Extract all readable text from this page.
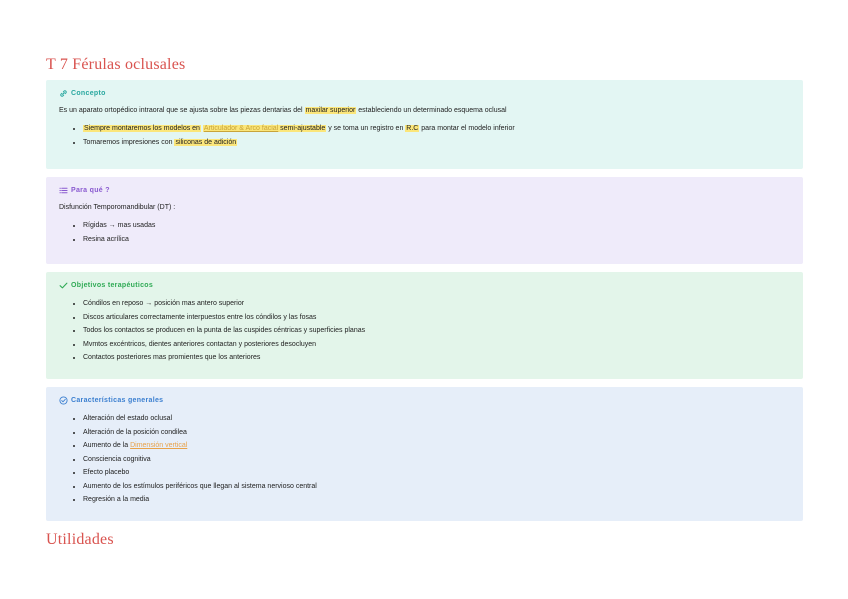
T 7 Férulas oclusales
Concepto
Es un aparato ortopédico intraoral que se ajusta sobre las piezas dentarias del maxilar superior estableciendo un determinado esquema oclusal
• Siempre montaremos los modelos en Articulador & Arco facial semi-ajustable y se toma un registro en R.C para montar el modelo inferior
• Tomaremos impresiones con siliconas de adición
Para qué ?
Disfunción Temporomandibular (DT) :
• Rígidas → mas usadas
• Resina acrílica
Objetivos terapéuticos
• Cóndilos en reposo → posición mas antero superior
• Discos articulares correctamente interpuestos entre los cóndilos y las fosas
• Todos los contactos se producen en la punta de las cuspides céntricas y superficies planas
• Mvmtos excéntricos, dientes anteriores contactan y posteriores desocluyen
• Contactos posteriores mas promientes que los anteriores
Características generales
• Alteración del estado oclusal
• Alteración de la posición condilea
• Aumento de la Dimensión vertical
• Consciencia cognitiva
• Efecto placebo
• Aumento de los estímulos periféricos que llegan al sistema nervioso central
• Regresión a la media
Utilidades
